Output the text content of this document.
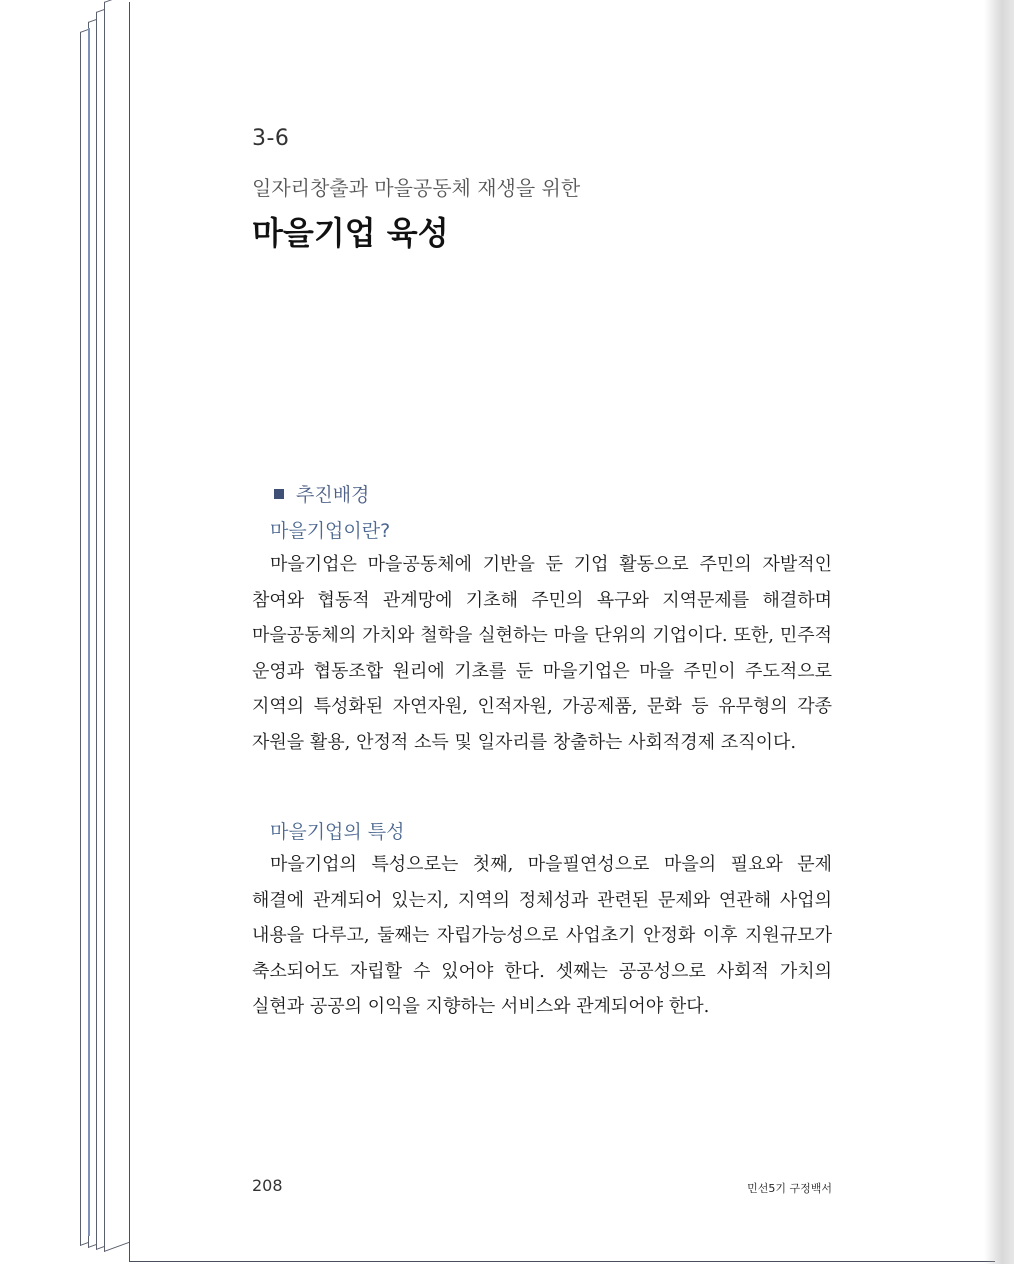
3-6
일자리창출과 마을공동체 재생을 위한
마을기업 육성
추진배경
마을기업이란?

마을기업은 마을공동체에 기반을 둔 기업 활동으로 주민의 자발적인 참여와 협동적 관계망에 기초해 주민의 욕구와 지역문제를 해결하며 마을공동체의 가치와 철학을 실현하는 마을 단위의 기업이다. 또한, 민주적 운영과 협동조합 원리에 기초를 둔 마을기업은 마을 주민이 주도적으로 지역의 특성화된 자연자원, 인적자원, 가공제품, 문화 등 유무형의 각종 자원을 활용, 안정적 소득 및 일자리를 창출하는 사회적경제 조직이다.

마을기업의 특성

마을기업의 특성으로는 첫째, 마을필연성으로 마을의 필요와 문제 해결에 관계되어 있는지, 지역의 정체성과 관련된 문제와 연관해 사업의 내용을 다루고, 둘째는 자립가능성으로 사업초기 안정화 이후 지원규모가 축소되어도 자립할 수 있어야 한다. 셋째는 공공성으로 사회적 가치의 실현과 공공의 이익을 지향하는 서비스와 관계되어야 한다.

208	민선5기 구정백서
